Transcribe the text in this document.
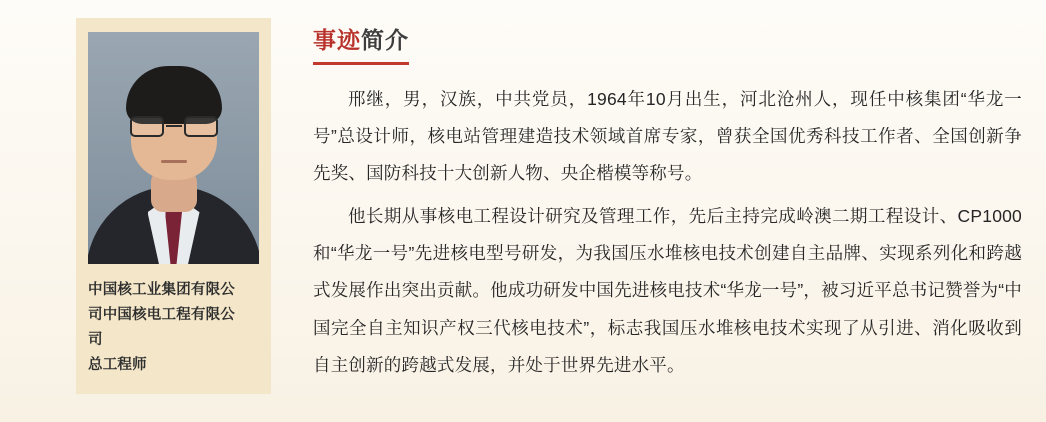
中国核工业集团有限公
司中国核电工程有限公
司
总工程师
事迹简介

邢继，男，汉族，中共党员，1964年10月出生，河北沧州人，现任中核集团“华龙一号”总设计师，核电站管理建造技术领域首席专家，曾获全国优秀科技工作者、全国创新争先奖、国防科技十大创新人物、央企楷模等称号。

他长期从事核电工程设计研究及管理工作，先后主持完成岭澳二期工程设计、CP1000和“华龙一号”先进核电型号研发，为我国压水堆核电技术创建自主品牌、实现系列化和跨越式发展作出突出贡献。他成功研发中国先进核电技术“华龙一号”，被习近平总书记赞誉为“中国完全自主知识产权三代核电技术”，标志我国压水堆核电技术实现了从引进、消化吸收到自主创新的跨越式发展，并处于世界先进水平。
